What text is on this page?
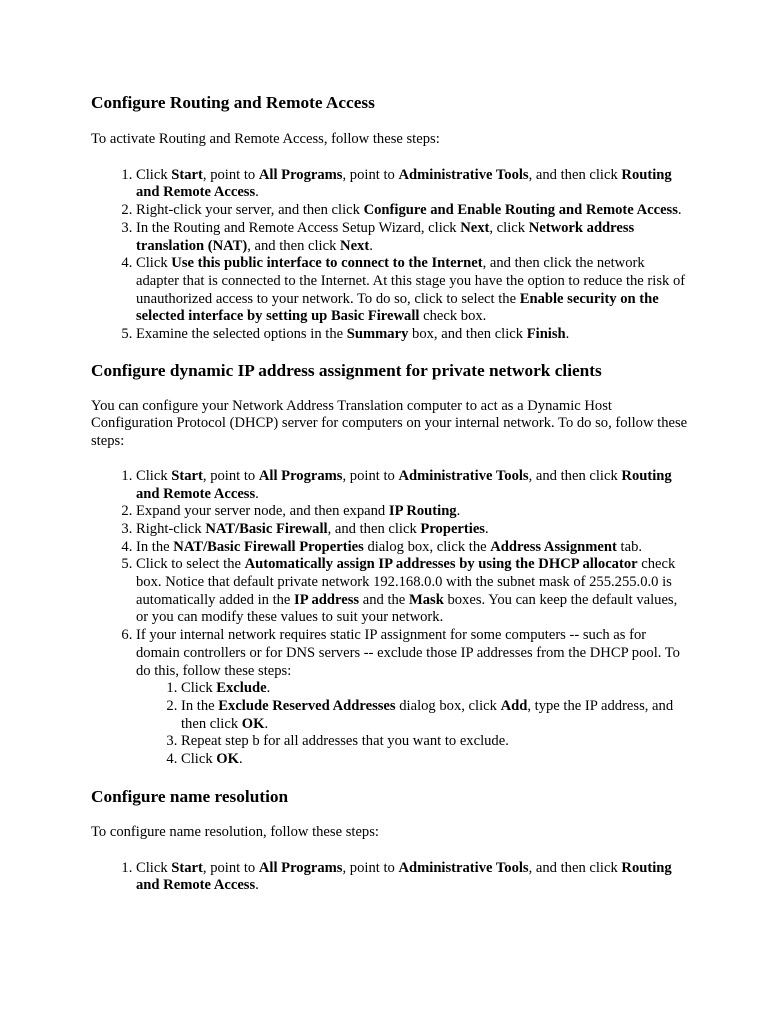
Configure Routing and Remote Access

To activate Routing and Remote Access, follow these steps:

1. Click Start, point to All Programs, point to Administrative Tools, and then click Routing and Remote Access.
2. Right-click your server, and then click Configure and Enable Routing and Remote Access.
3. In the Routing and Remote Access Setup Wizard, click Next, click Network address translation (NAT), and then click Next.
4. Click Use this public interface to connect to the Internet, and then click the network adapter that is connected to the Internet. At this stage you have the option to reduce the risk of unauthorized access to your network. To do so, click to select the Enable security on the selected interface by setting up Basic Firewall check box.
5. Examine the selected options in the Summary box, and then click Finish.
Configure dynamic IP address assignment for private network clients

You can configure your Network Address Translation computer to act as a Dynamic Host Configuration Protocol (DHCP) server for computers on your internal network. To do so, follow these steps:

1. Click Start, point to All Programs, point to Administrative Tools, and then click Routing and Remote Access.
2. Expand your server node, and then expand IP Routing.
3. Right-click NAT/Basic Firewall, and then click Properties.
4. In the NAT/Basic Firewall Properties dialog box, click the Address Assignment tab.
5. Click to select the Automatically assign IP addresses by using the DHCP allocator check box. Notice that default private network 192.168.0.0 with the subnet mask of 255.255.0.0 is automatically added in the IP address and the Mask boxes. You can keep the default values, or you can modify these values to suit your network.
6. If your internal network requires static IP assignment for some computers -- such as for domain controllers or for DNS servers -- exclude those IP addresses from the DHCP pool. To do this, follow these steps:
1. Click Exclude.
2. In the Exclude Reserved Addresses dialog box, click Add, type the IP address, and then click OK.
3. Repeat step b for all addresses that you want to exclude.
4. Click OK.
Configure name resolution

To configure name resolution, follow these steps:

1. Click Start, point to All Programs, point to Administrative Tools, and then click Routing and Remote Access.
